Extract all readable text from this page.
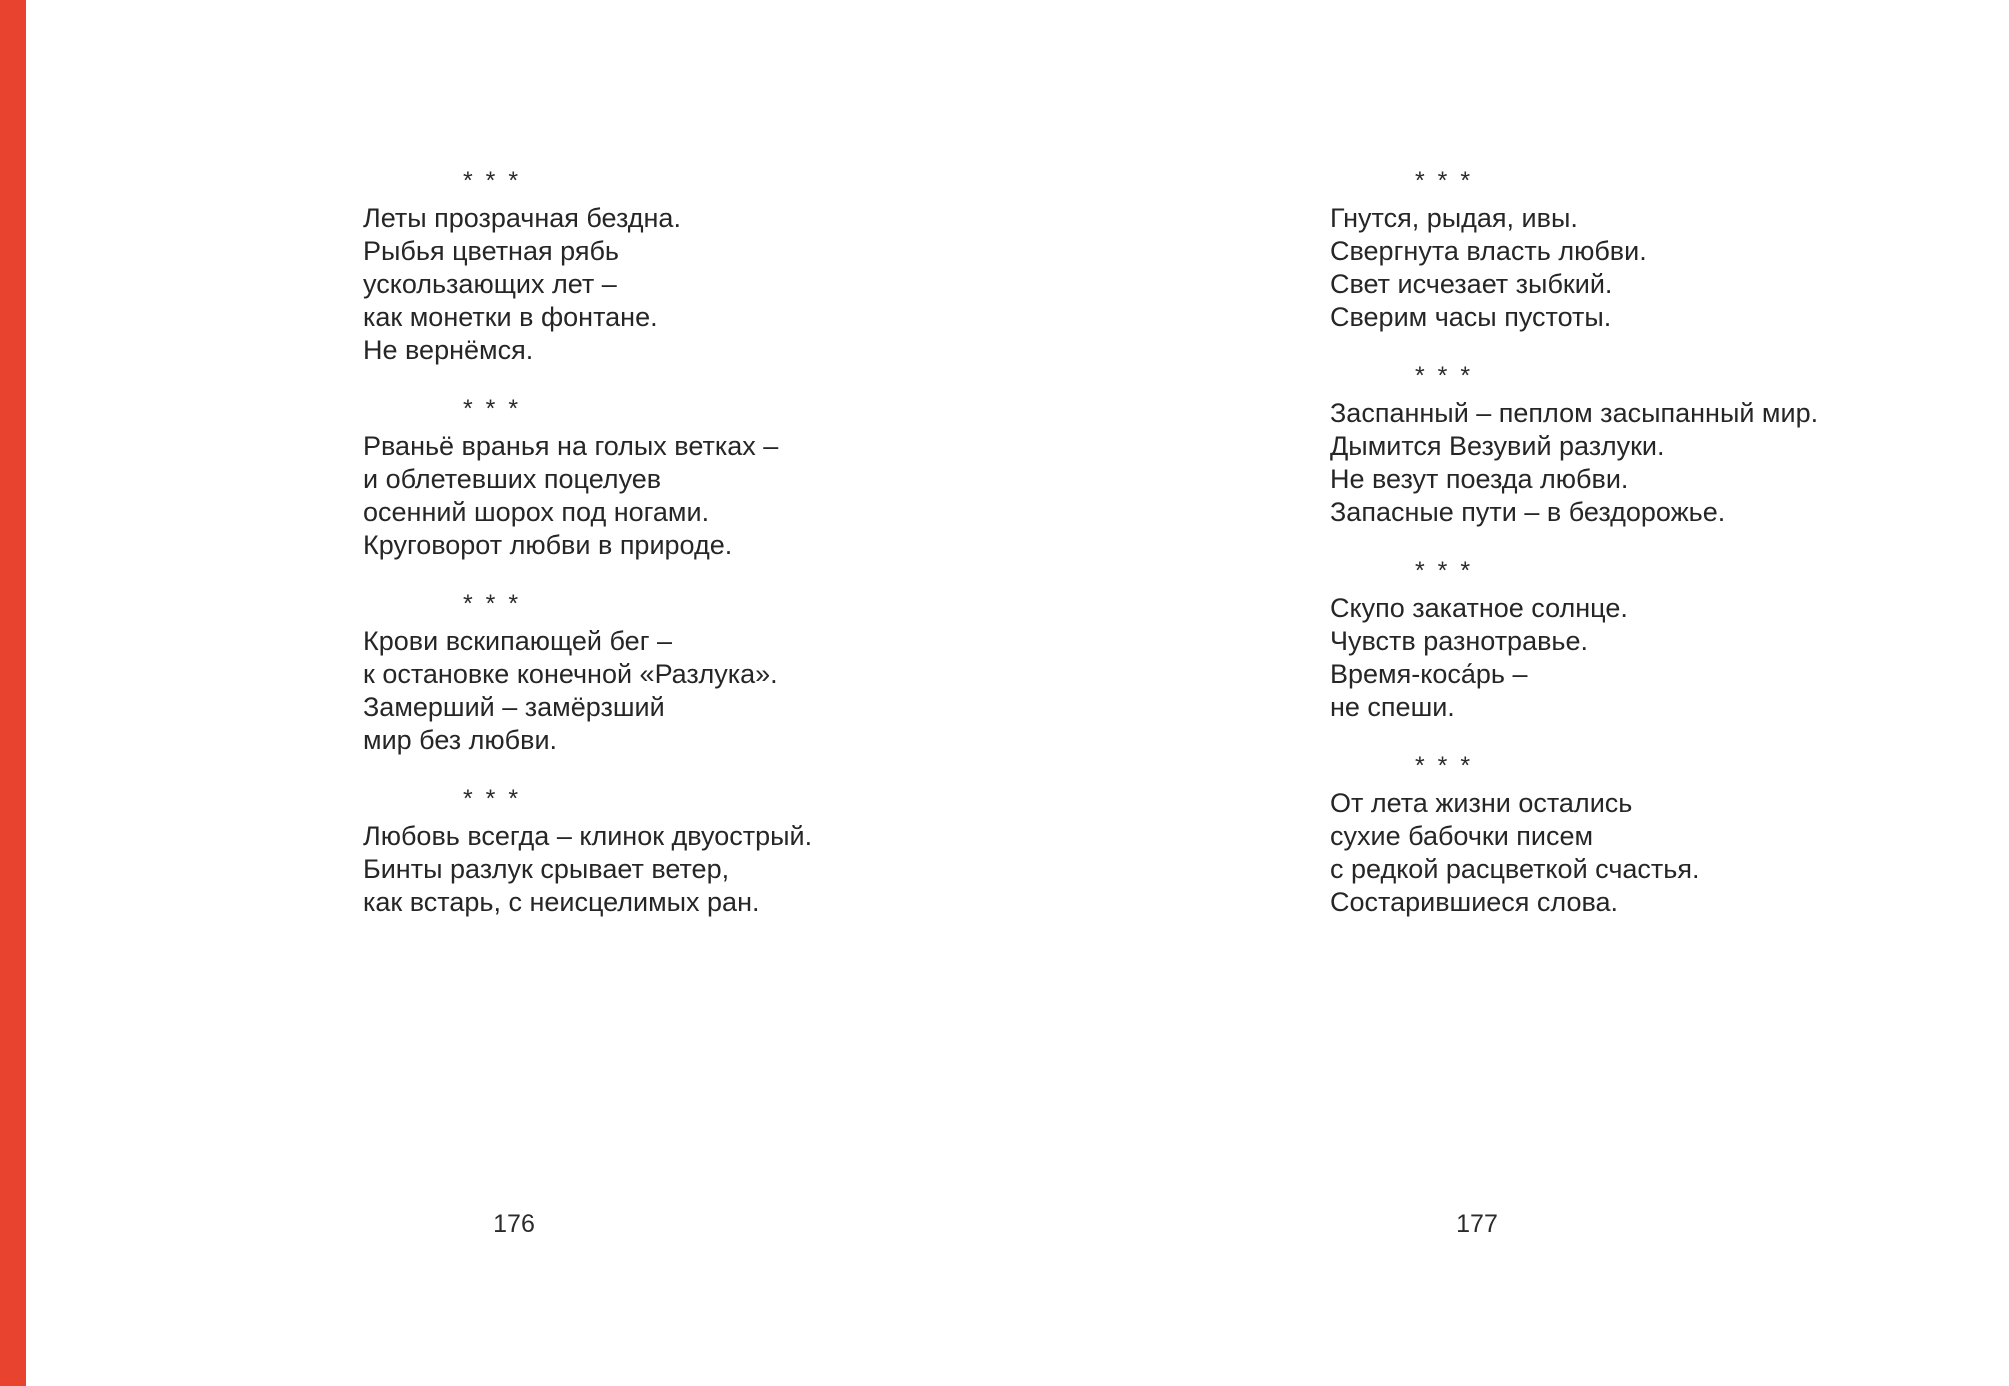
* * *
Леты прозрачная бездна.
Рыбья цветная рябь
ускользающих лет –
как монетки в фонтане.
Не вернёмся.
* * *
Рваньё вранья на голых ветках –
и облетевших поцелуев
осенний шорох под ногами.
Круговорот любви в природе.
* * *
Крови вскипающей бег –
к остановке конечной «Разлука».
Замерший – замёрзший
мир без любви.
* * *
Любовь всегда – клинок двуострый.
Бинты разлук срывает ветер,
как встарь, с неисцелимых ран.
176
* * *
Гнутся, рыдая, ивы.
Свергнута власть любви.
Свет исчезает зыбкий.
Сверим часы пустоты.
* * *
Заспанный – пеплом засыпанный мир.
Дымится Везувий разлуки.
Не везут поезда любви.
Запасные пути – в бездорожье.
* * *
Скупо закатное солнце.
Чувств разнотравье.
Время-коса́рь –
не спеши.
* * *
От лета жизни остались
сухие бабочки писем
с редкой расцветкой счастья.
Состарившиеся слова.
177
